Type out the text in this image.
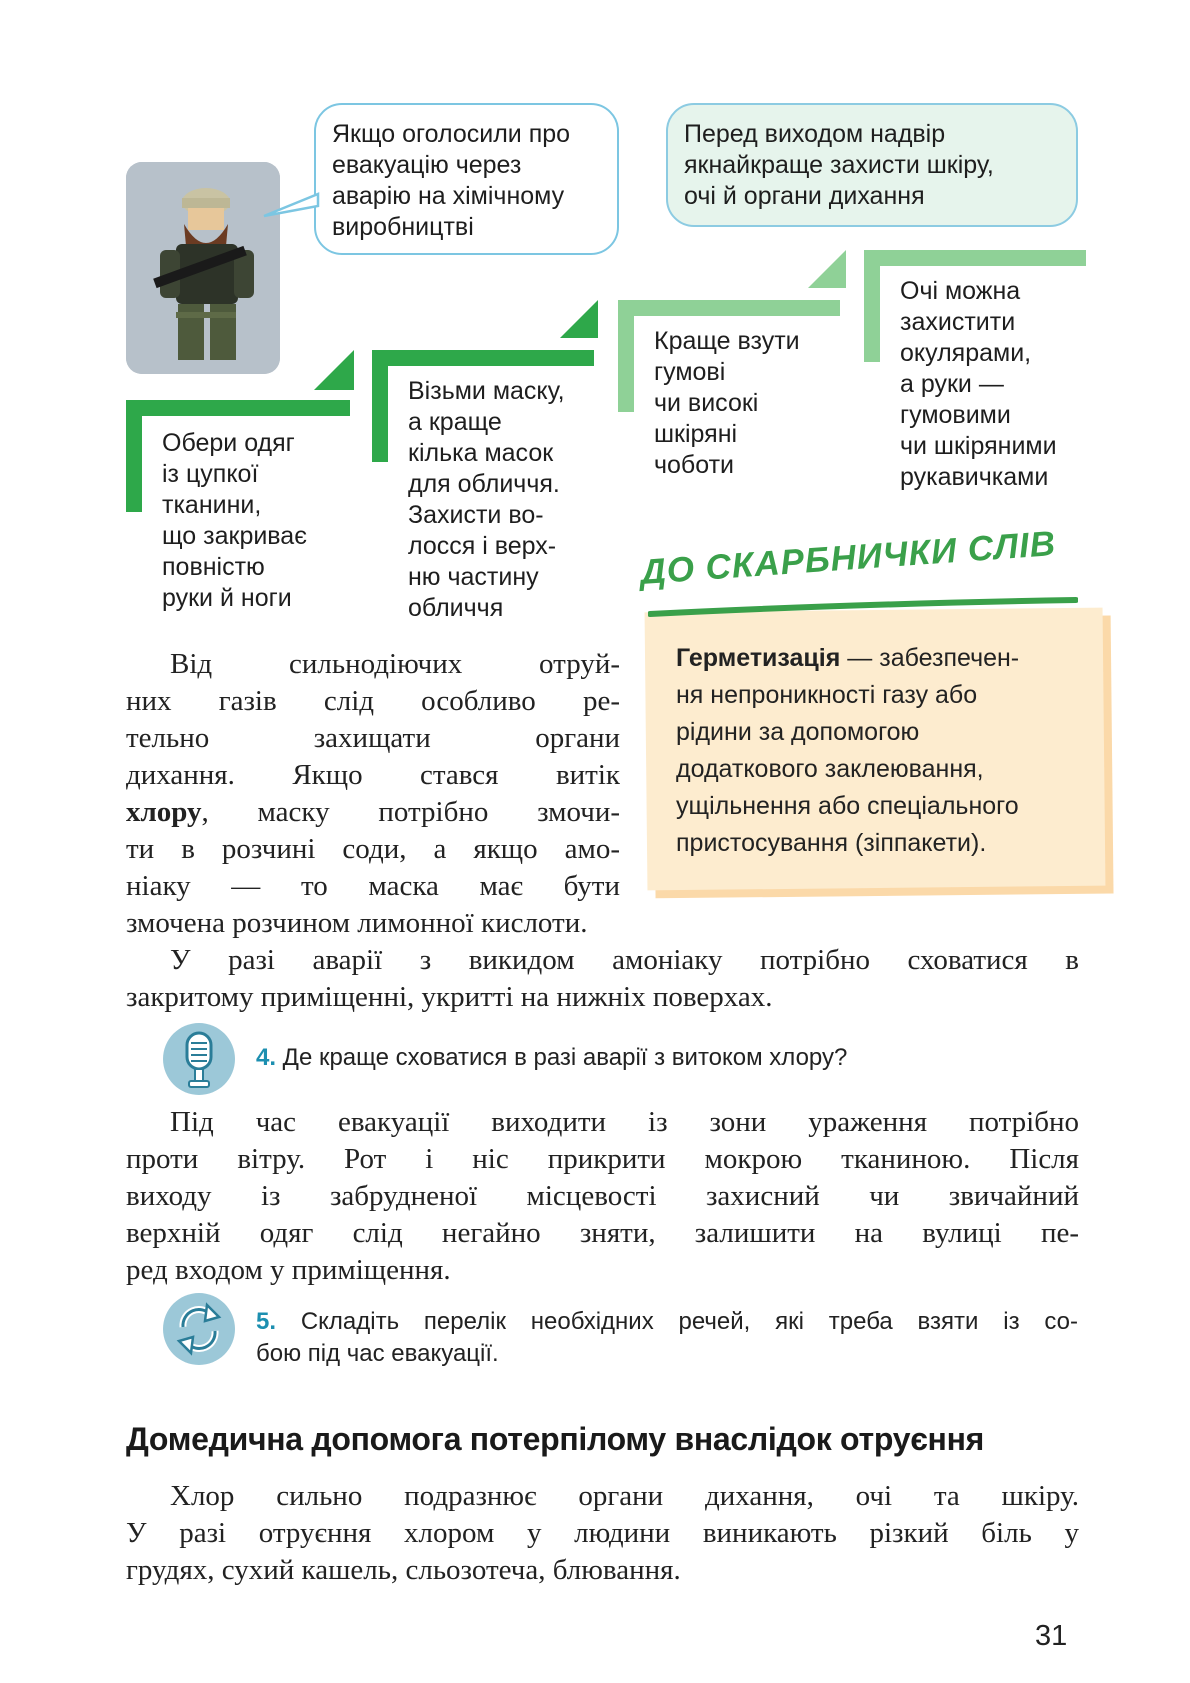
Якщо оголосили про
евакуацію через
аварію на хімічному
виробництві
Перед виходом надвір
якнайкраще захисти шкіру,
очі й органи дихання
Обери одяг
із цупкої
тканини,
що закриває
повністю
руки й ноги
Візьми маску,
а краще
кілька масок
для обличчя.
Захисти во-
лосся і верх-
ню частину
обличчя
Краще взути
гумові
чи високі
шкіряні
чоботи
Очі можна
захистити
окулярами,
а руки —
гумовими
чи шкіряними
рукавичками
ДО СКАРБНИЧКИ СЛІВ
Герметизація — забезпечен-
ня непроникності газу або
рідини за допомогою
додаткового заклеювання,
ущільнення або спеціального
пристосування (зіппакети).
Від сильнодіючих отруй-
них газів слід особливо ре-
тельно захищати органи
дихання. Якщо стався витік
хлору, маску потрібно змочи-
ти в розчині соди, а якщо амо-
ніаку — то маска має бути
змочена розчином лимонної кислоти.
У разі аварії з викидом амоніаку потрібно сховатися в
закритому приміщенні, укритті на нижніх поверхах.
4. Де краще сховатися в разі аварії з витоком хлору?
Під час евакуації виходити із зони ураження потрібно
проти вітру. Рот і ніс прикрити мокрою тканиною. Після
виходу із забрудненої місцевості захисний чи звичайний
верхній одяг слід негайно зняти, залишити на вулиці пе-
ред входом у приміщення.
5. Складіть перелік необхідних речей, які треба взяти із со-
бою під час евакуації.
Домедична допомога потерпілому внаслідок отруєння
Хлор сильно подразнює органи дихання, очі та шкіру.
У разі отруєння хлором у людини виникають різкий біль у
грудях, сухий кашель, сльозотеча, блювання.
31
